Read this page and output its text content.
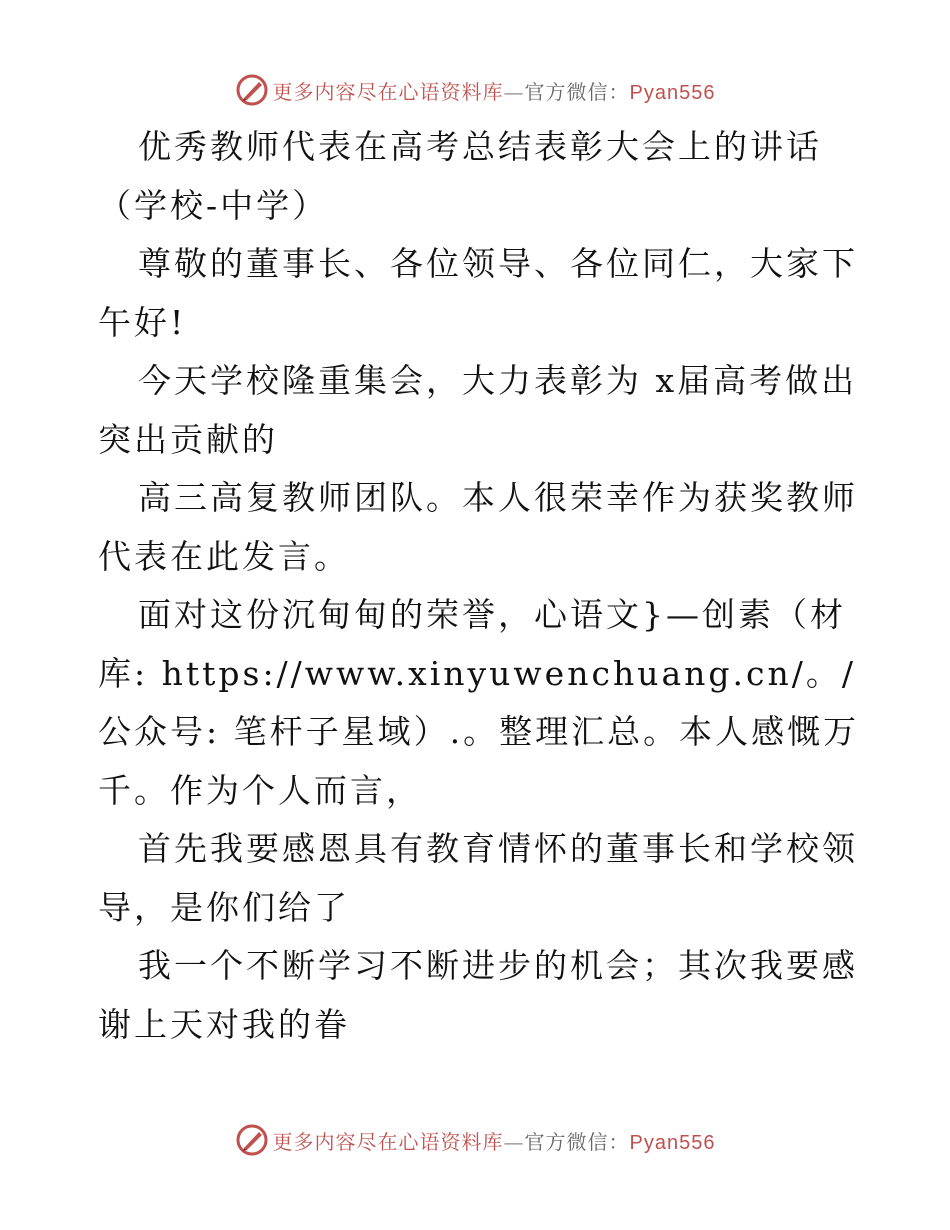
更多内容尽在心语资料库—官方微信：Pyan556

优秀教师代表在高考总结表彰大会上的讲话（学校-中学）

尊敬的董事长、各位领导、各位同仁，大家下午好!

今天学校隆重集会，大力表彰为 x届高考做出突出贡献的

高三高复教师团队。本人很荣幸作为获奖教师代表在此发言。

面对这份沉甸甸的荣誉，心语文}—创素（材库: https://www.xinyuwenchuang.cn/。/公众号: 笔杆子星域）.。整理汇总。本人感慨万千。作为个人而言，

首先我要感恩具有教育情怀的董事长和学校领导，是你们给了

我一个不断学习不断进步的机会；其次我要感谢上天对我的眷

更多内容尽在心语资料库—官方微信：Pyan556
